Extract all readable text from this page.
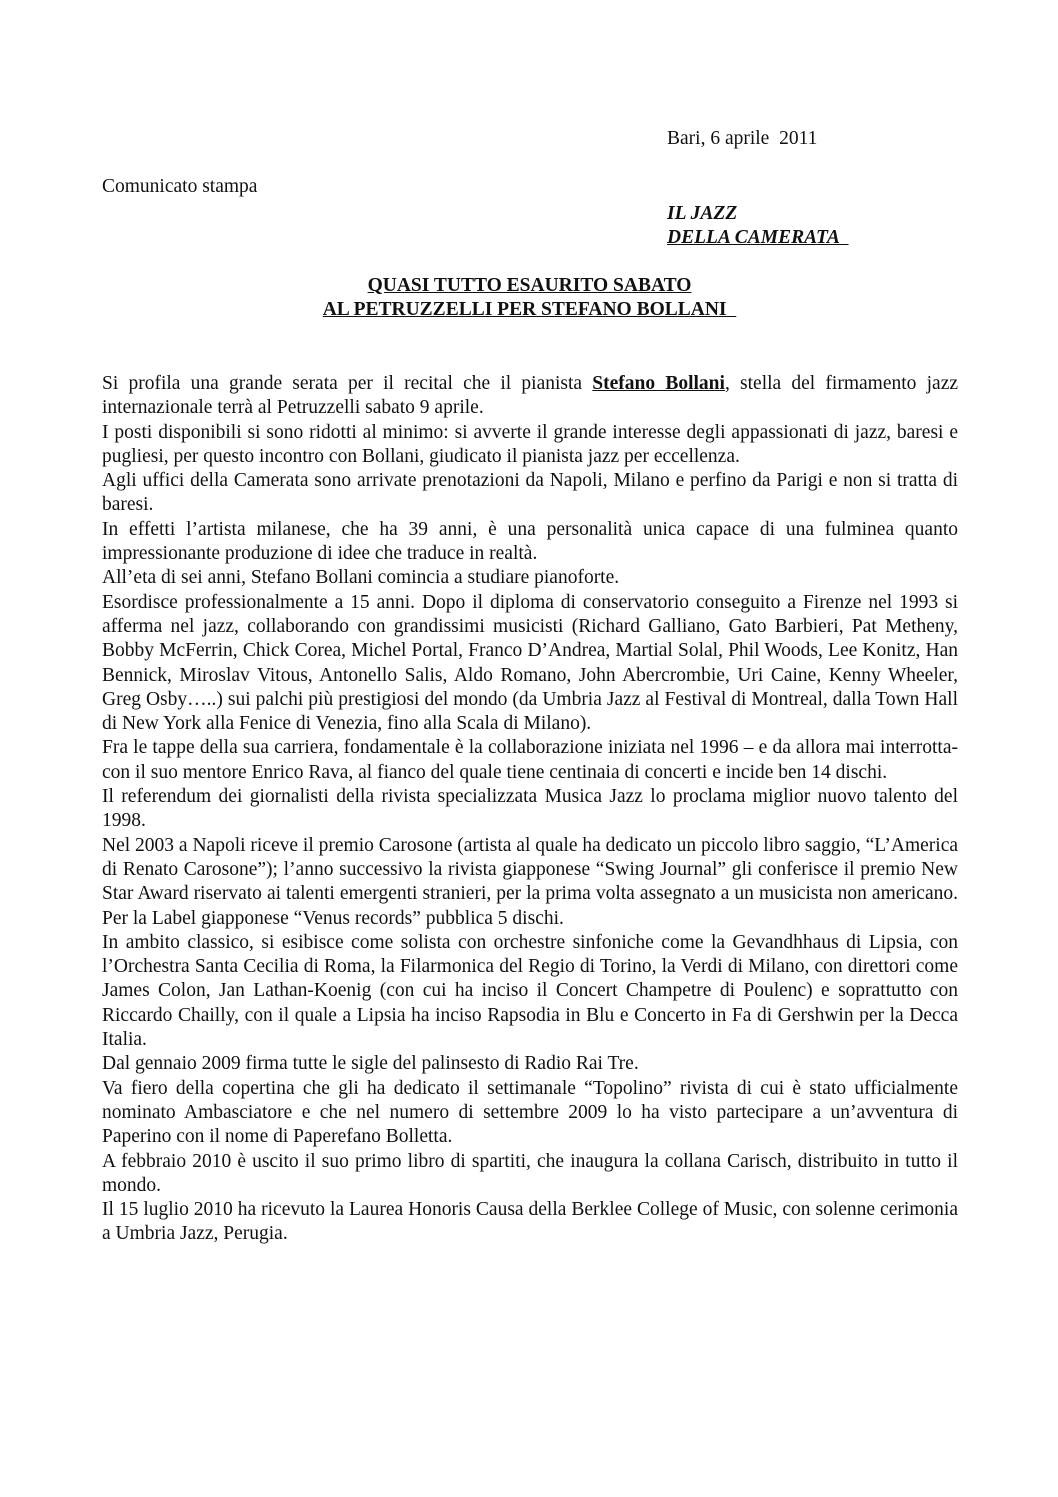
Bari, 6 aprile  2011
Comunicato stampa
IL JAZZ
DELLA CAMERATA
QUASI TUTTO ESAURITO SABATO
AL PETRUZZELLI PER STEFANO BOLLANI

Si profila una grande serata per il recital che il pianista Stefano Bollani, stella del firmamento jazz internazionale terrà al Petruzzelli sabato 9 aprile.

I posti disponibili si sono ridotti al minimo: si avverte il grande interesse degli appassionati di jazz, baresi e pugliesi, per questo incontro con Bollani, giudicato il pianista jazz per eccellenza.

Agli uffici della Camerata sono arrivate prenotazioni da Napoli, Milano e perfino da Parigi e non si tratta di baresi.

In effetti l’artista milanese, che ha 39 anni, è una personalità unica capace di una fulminea quanto impressionante produzione di idee che traduce in realtà.

All’eta di sei anni, Stefano Bollani comincia a studiare pianoforte.

Esordisce professionalmente a 15 anni. Dopo il diploma di conservatorio conseguito a Firenze nel 1993 si afferma nel jazz, collaborando con grandissimi musicisti (Richard Galliano, Gato Barbieri, Pat Metheny, Bobby McFerrin, Chick Corea, Michel Portal, Franco D’Andrea, Martial Solal, Phil Woods, Lee Konitz, Han Bennick, Miroslav Vitous, Antonello Salis, Aldo Romano, John Abercrombie, Uri Caine, Kenny Wheeler, Greg Osby…..) sui palchi più prestigiosi del mondo (da Umbria Jazz al Festival di Montreal, dalla Town Hall di New York alla Fenice di Venezia, fino alla Scala di Milano).

Fra le tappe della sua carriera, fondamentale è la collaborazione iniziata nel 1996 – e da allora mai interrotta- con il suo mentore Enrico Rava, al fianco del quale tiene centinaia di concerti e incide ben 14 dischi.

Il referendum dei giornalisti della rivista specializzata Musica Jazz lo proclama miglior nuovo talento del 1998.

Nel 2003 a Napoli riceve il premio Carosone (artista al quale ha dedicato un piccolo libro saggio, “L’America di Renato Carosone”); l’anno successivo la rivista giapponese “Swing Journal” gli conferisce il premio New Star Award riservato ai talenti emergenti stranieri, per la prima volta assegnato a un musicista non americano. Per la Label giapponese “Venus records” pubblica 5 dischi.

In ambito classico, si esibisce come solista con orchestre sinfoniche come la Gevandhhaus di Lipsia, con l’Orchestra Santa Cecilia di Roma, la Filarmonica del Regio di Torino, la Verdi di Milano, con direttori come James Colon, Jan Lathan-Koenig (con cui ha inciso il Concert Champetre di Poulenc) e soprattutto con Riccardo Chailly, con il quale a Lipsia ha inciso Rapsodia in Blu e Concerto in Fa di Gershwin per la Decca Italia.

Dal gennaio 2009 firma tutte le sigle del palinsesto di Radio Rai Tre.

Va fiero della copertina che gli ha dedicato il settimanale “Topolino” rivista di cui è stato ufficialmente nominato Ambasciatore e che nel numero di settembre 2009 lo ha visto partecipare a un’avventura di Paperino con il nome di Paperefano Bolletta.

A febbraio 2010 è uscito il suo primo libro di spartiti, che inaugura la collana Carisch, distribuito in tutto il mondo.

Il 15 luglio 2010 ha ricevuto la Laurea Honoris Causa della Berklee College of Music, con solenne cerimonia a Umbria Jazz, Perugia.
